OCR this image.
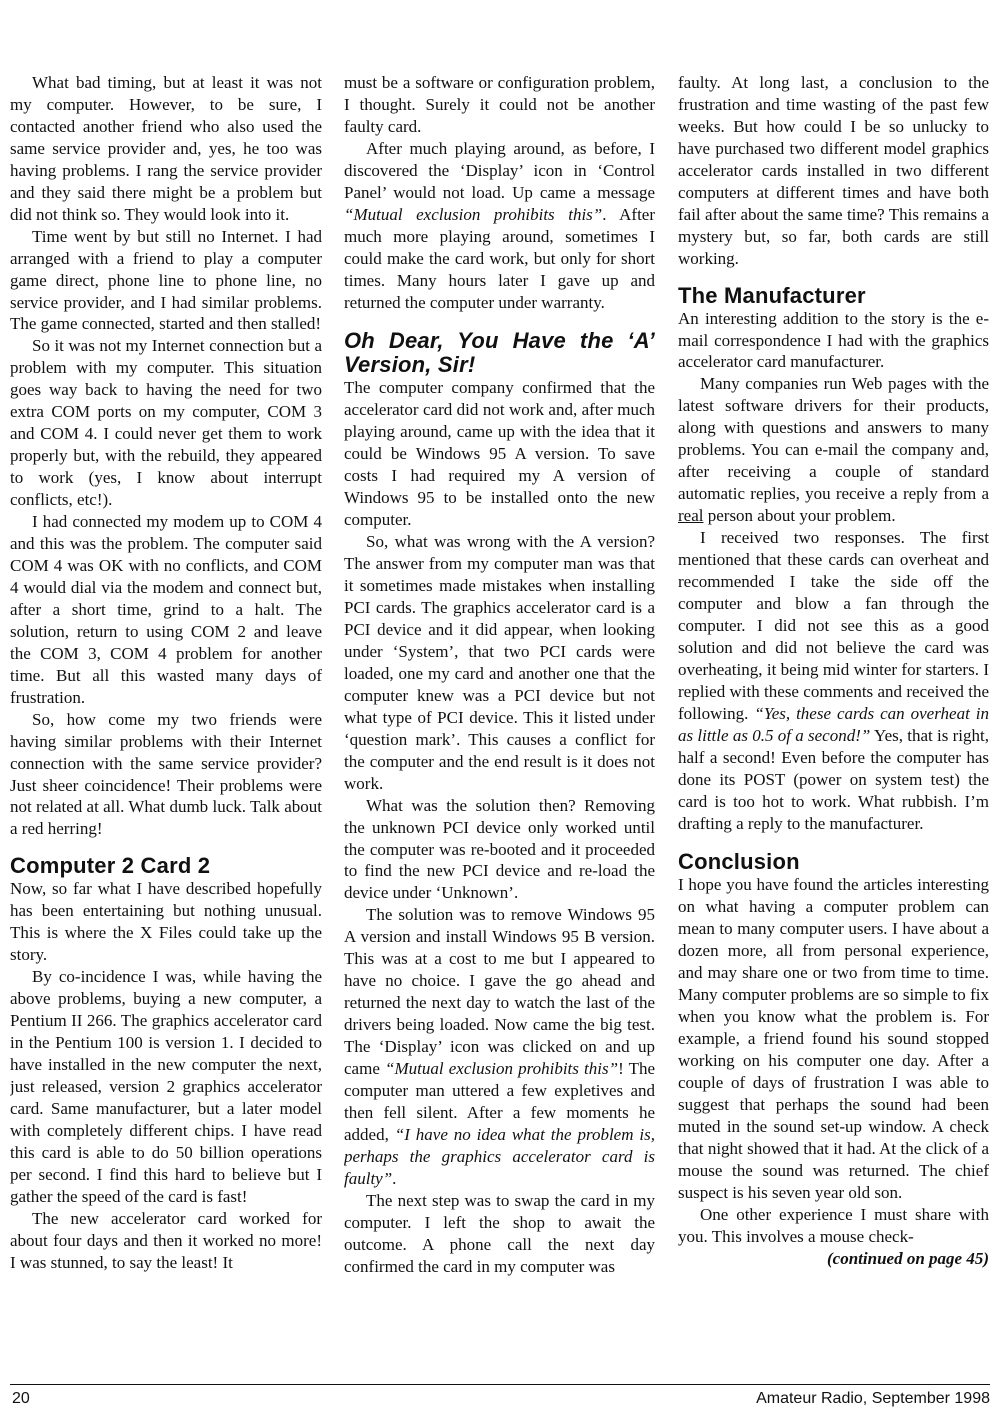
What bad timing, but at least it was not my computer. However, to be sure, I contacted another friend who also used the same service provider and, yes, he too was having problems. I rang the service provider and they said there might be a problem but did not think so. They would look into it.

Time went by but still no Internet. I had arranged with a friend to play a computer game direct, phone line to phone line, no service provider, and I had similar problems. The game connected, started and then stalled!

So it was not my Internet connection but a problem with my computer. This situation goes way back to having the need for two extra COM ports on my computer, COM 3 and COM 4. I could never get them to work properly but, with the rebuild, they appeared to work (yes, I know about interrupt conflicts, etc!).

I had connected my modem up to COM 4 and this was the problem. The computer said COM 4 was OK with no conflicts, and COM 4 would dial via the modem and connect but, after a short time, grind to a halt. The solution, return to using COM 2 and leave the COM 3, COM 4 problem for another time. But all this wasted many days of frustration.

So, how come my two friends were having similar problems with their Internet connection with the same service provider? Just sheer coincidence! Their problems were not related at all. What dumb luck. Talk about a red herring!

Computer 2 Card 2

Now, so far what I have described hopefully has been entertaining but nothing unusual. This is where the X Files could take up the story.

By co-incidence I was, while having the above problems, buying a new computer, a Pentium II 266. The graphics accelerator card in the Pentium 100 is version 1. I decided to have installed in the new computer the next, just released, version 2 graphics accelerator card. Same manufacturer, but a later model with completely different chips. I have read this card is able to do 50 billion operations per second. I find this hard to believe but I gather the speed of the card is fast!

The new accelerator card worked for about four days and then it worked no more! I was stunned, to say the least! It

must be a software or configuration problem, I thought. Surely it could not be another faulty card.

After much playing around, as before, I discovered the ‘Display’ icon in ‘Control Panel’ would not load. Up came a message “Mutual exclusion prohibits this”. After much more playing around, sometimes I could make the card work, but only for short times. Many hours later I gave up and returned the computer under warranty.

Oh Dear, You Have the ‘A’ Version, Sir!

The computer company confirmed that the accelerator card did not work and, after much playing around, came up with the idea that it could be Windows 95 A version. To save costs I had required my A version of Windows 95 to be installed onto the new computer.

So, what was wrong with the A version? The answer from my computer man was that it sometimes made mistakes when installing PCI cards. The graphics accelerator card is a PCI device and it did appear, when looking under ‘System’, that two PCI cards were loaded, one my card and another one that the computer knew was a PCI device but not what type of PCI device. This it listed under ‘question mark’. This causes a conflict for the computer and the end result is it does not work.

What was the solution then? Removing the unknown PCI device only worked until the computer was re-booted and it proceeded to find the new PCI device and re-load the device under ‘Unknown’.

The solution was to remove Windows 95 A version and install Windows 95 B version. This was at a cost to me but I appeared to have no choice. I gave the go ahead and returned the next day to watch the last of the drivers being loaded. Now came the big test. The ‘Display’ icon was clicked on and up came “Mutual exclusion prohibits this”! The computer man uttered a few expletives and then fell silent. After a few moments he added, “I have no idea what the problem is, perhaps the graphics accelerator card is faulty”.

The next step was to swap the card in my computer. I left the shop to await the outcome. A phone call the next day confirmed the card in my computer was

faulty. At long last, a conclusion to the frustration and time wasting of the past few weeks. But how could I be so unlucky to have purchased two different model graphics accelerator cards installed in two different computers at different times and have both fail after about the same time? This remains a mystery but, so far, both cards are still working.

The Manufacturer

An interesting addition to the story is the e-mail correspondence I had with the graphics accelerator card manufacturer.

Many companies run Web pages with the latest software drivers for their products, along with questions and answers to many problems. You can e-mail the company and, after receiving a couple of standard automatic replies, you receive a reply from a real person about your problem.

I received two responses. The first mentioned that these cards can overheat and recommended I take the side off the computer and blow a fan through the computer. I did not see this as a good solution and did not believe the card was overheating, it being mid winter for starters. I replied with these comments and received the following. “Yes, these cards can overheat in as little as 0.5 of a second!” Yes, that is right, half a second! Even before the computer has done its POST (power on system test) the card is too hot to work. What rubbish. I’m drafting a reply to the manufacturer.

Conclusion

I hope you have found the articles interesting on what having a computer problem can mean to many computer users. I have about a dozen more, all from personal experience, and may share one or two from time to time. Many computer problems are so simple to fix when you know what the problem is. For example, a friend found his sound stopped working on his computer one day. After a couple of days of frustration I was able to suggest that perhaps the sound had been muted in the sound set-up window. A check that night showed that it had. At the click of a mouse the sound was returned. The chief suspect is his seven year old son.

One other experience I must share with you. This involves a mouse check-

(continued on page 45)

20	Amateur Radio, September 1998
